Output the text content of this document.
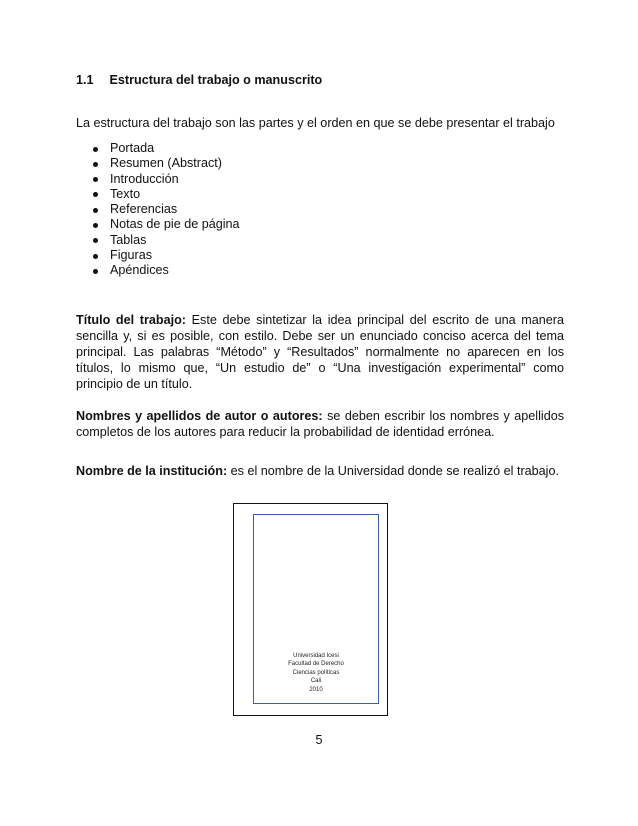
1.1 Estructura del trabajo o manuscrito
La estructura del trabajo son las partes y el orden en que se debe presentar el trabajo
Portada
Resumen (Abstract)
Introducción
Texto
Referencias
Notas de pie de página
Tablas
Figuras
Apéndices
Título del trabajo: Este debe sintetizar la idea principal del escrito de una manera sencilla y, si es posible, con estilo. Debe ser un enunciado conciso acerca del tema principal. Las palabras “Método” y “Resultados” normalmente no aparecen en los títulos, lo mismo que, “Un estudio de” o “Una investigación experimental” como principio de un título.
Nombres y apellidos de autor o autores: se deben escribir los nombres y apellidos completos de los autores para reducir la probabilidad de identidad errónea.
Nombre de la institución: es el nombre de la Universidad donde se realizó el trabajo.
Universidad Icesi
Facultad de Derecho
Ciencias políticas
Cali
2010
5
